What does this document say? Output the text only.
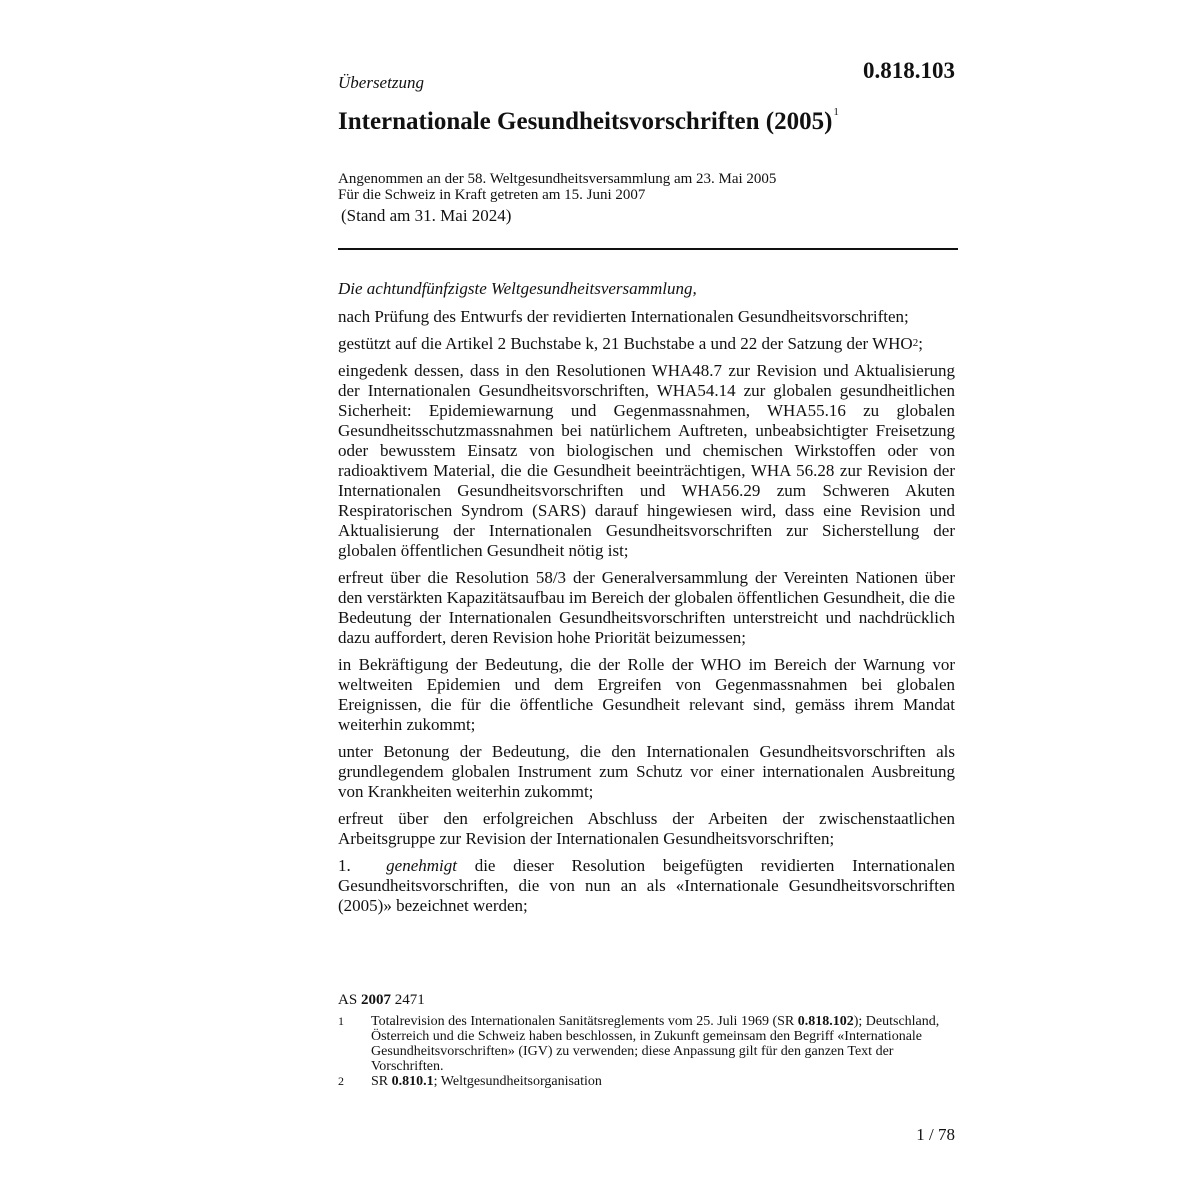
Übersetzung	0.818.103
Internationale Gesundheitsvorschriften $(2005)^1$
Angenommen an der 58. Weltgesundheitsversammlung am 23. Mai 2005
Für die Schweiz in Kraft getreten am 15. Juni 2007
(Stand am 31. Mai 2024)

Die achtundfünfzigste Weltgesundheitsversammlung,

nach Prüfung des Entwurfs der revidierten Internationalen Gesundheitsvorschriften;

gestützt auf die Artikel 2 Buchstabe k, 21 Buchstabe a und 22 der Satzung der WHO$^2$;

eingedenk dessen, dass in den Resolutionen WHA48.7 zur Revision und Aktualisierung der Internationalen Gesundheitsvorschriften, WHA54.14 zur globalen gesundheitlichen Sicherheit: Epidemiewarnung und Gegenmassnahmen, WHA55.16 zu globalen Gesundheitsschutzmassnahmen bei natürlichem Auftreten, unbeabsichtigter Freisetzung oder bewusstem Einsatz von biologischen und chemischen Wirkstoffen oder von radioaktivem Material, die die Gesundheit beeinträchtigen, WHA 56.28 zur Revision der Internationalen Gesundheitsvorschriften und WHA56.29 zum Schweren Akuten Respiratorischen Syndrom (SARS) darauf hingewiesen wird, dass eine Revision und Aktualisierung der Internationalen Gesundheitsvorschriften zur Sicherstellung der globalen öffentlichen Gesundheit nötig ist;

erfreut über die Resolution 58/3 der Generalversammlung der Vereinten Nationen über den verstärkten Kapazitätsaufbau im Bereich der globalen öffentlichen Gesundheit, die die Bedeutung der Internationalen Gesundheitsvorschriften unterstreicht und nachdrücklich dazu auffordert, deren Revision hohe Priorität beizumessen;

in Bekräftigung der Bedeutung, die der Rolle der WHO im Bereich der Warnung vor weltweiten Epidemien und dem Ergreifen von Gegenmassnahmen bei globalen Ereignissen, die für die öffentliche Gesundheit relevant sind, gemäss ihrem Mandat weiterhin zukommt;

unter Betonung der Bedeutung, die den Internationalen Gesundheitsvorschriften als grundlegendem globalen Instrument zum Schutz vor einer internationalen Ausbreitung von Krankheiten weiterhin zukommt;

erfreut über den erfolgreichen Abschluss der Arbeiten der zwischenstaatlichen Arbeitsgruppe zur Revision der Internationalen Gesundheitsvorschriften;

1. genehmigt die dieser Resolution beigefügten revidierten Internationalen Gesundheitsvorschriften, die von nun an als «Internationale Gesundheitsvorschriften (2005)» bezeichnet werden;

AS 2007 2471
1	Totalrevision des Internationalen Sanitätsreglements vom 25. Juli 1969 (SR 0.818.102); Deutschland, Österreich und die Schweiz haben beschlossen, in Zukunft gemeinsam den Begriff «Internationale Gesundheitsvorschriften» (IGV) zu verwenden; diese Anpassung gilt für den ganzen Text der Vorschriften.
2	SR 0.810.1; Weltgesundheitsorganisation
1 / 78
